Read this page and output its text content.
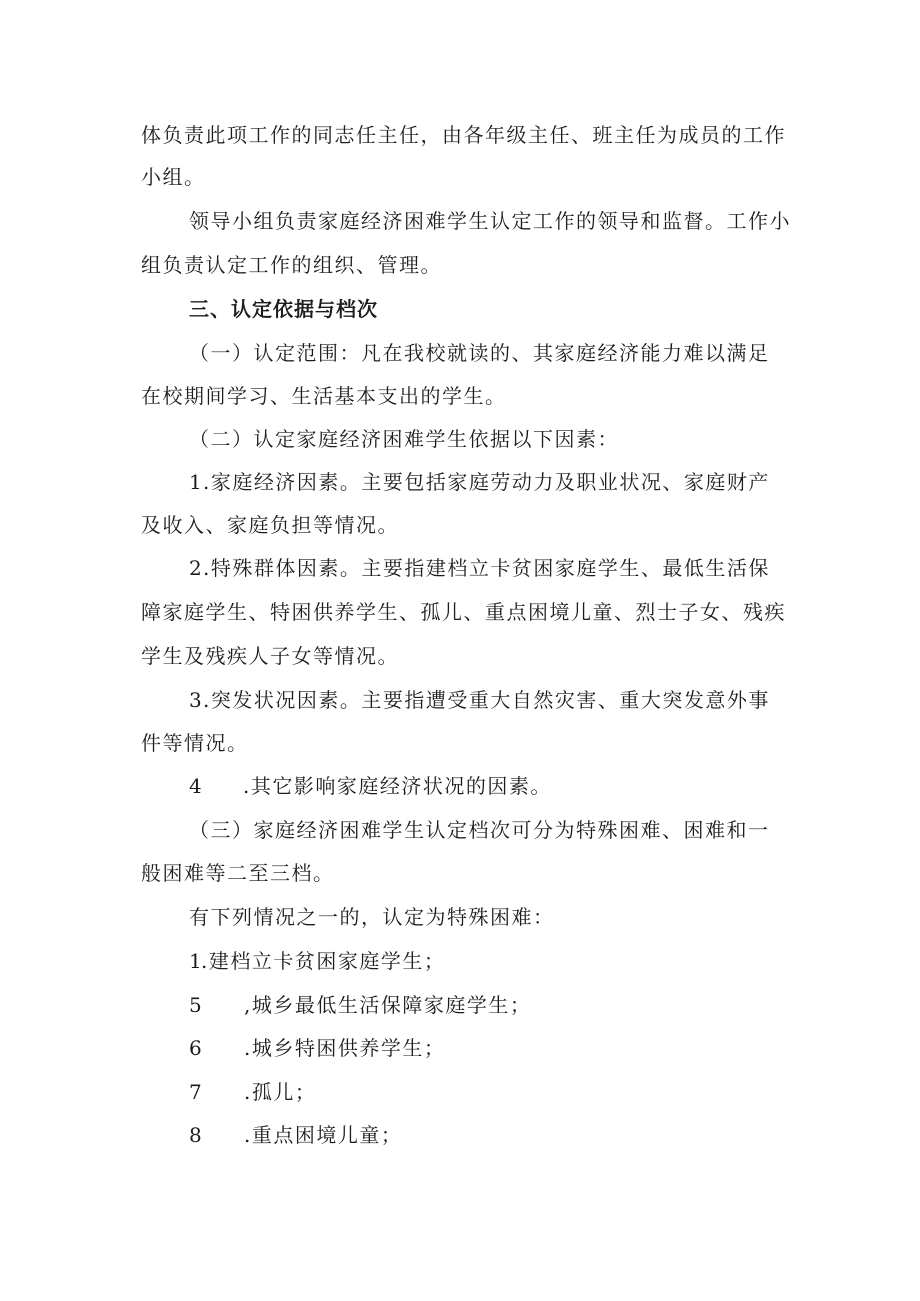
体负责此项工作的同志任主任，由各年级主任、班主任为成员的工作
小组。
领导小组负责家庭经济困难学生认定工作的领导和监督。工作小
组负责认定工作的组织、管理。
三、认定依据与档次
（一）认定范围：凡在我校就读的、其家庭经济能力难以满足
在校期间学习、生活基本支出的学生。
（二）认定家庭经济困难学生依据以下因素：
1 .家庭经济因素。主要包括家庭劳动力及职业状况、家庭财产
及收入、家庭负担等情况。
2 .特殊群体因素。主要指建档立卡贫困家庭学生、最低生活保
障家庭学生、特困供养学生、孤儿、重点困境儿童、烈士子女、残疾
学生及残疾人子女等情况。
3 .突发状况因素。主要指遭受重大自然灾害、重大突发意外事
件等情况。
4 .其它影响家庭经济状况的因素。
（三）家庭经济困难学生认定档次可分为特殊困难、困难和一
般困难等二至三档。
有下列情况之一的，认定为特殊困难：
1 .建档立卡贫困家庭学生；
5 ,城乡最低生活保障家庭学生；
6 .城乡特困供养学生；
7 .孤儿；
8 .重点困境儿童；
